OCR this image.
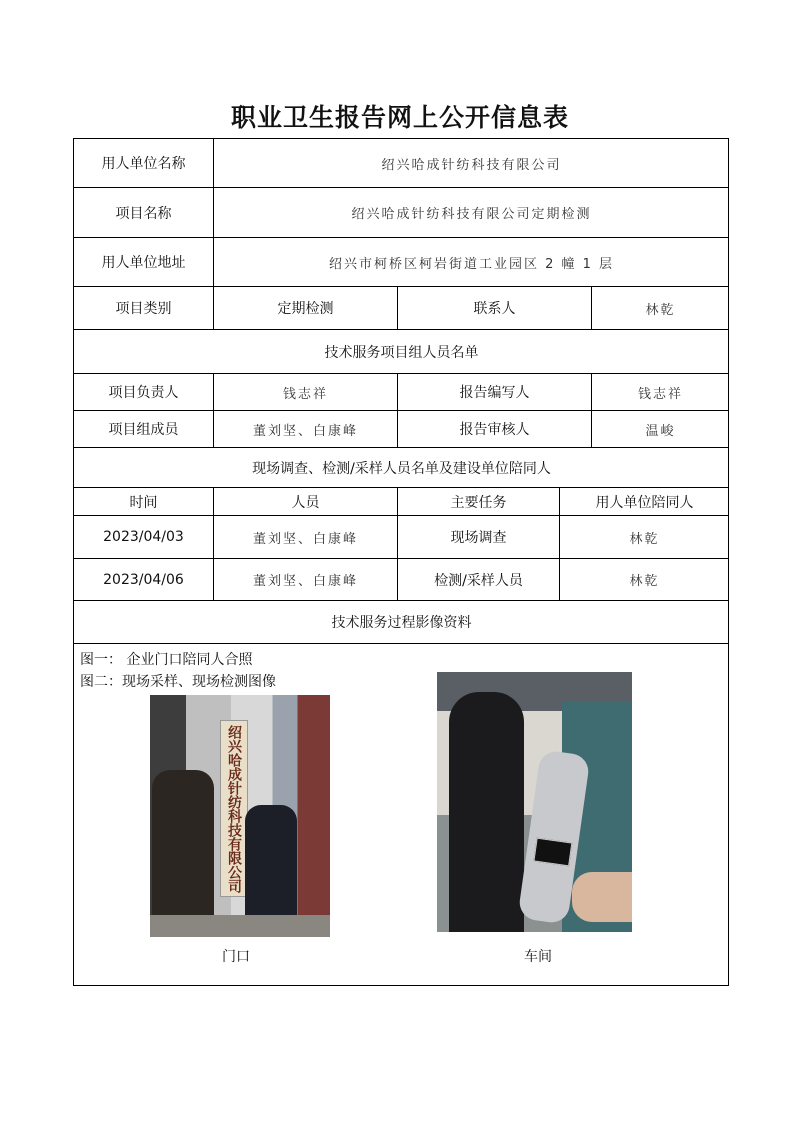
职业卫生报告网上公开信息表
用人单位名称	绍兴哈成针纺科技有限公司
项目名称	绍兴哈成针纺科技有限公司定期检测
用人单位地址	绍兴市柯桥区柯岩街道工业园区 2 幢 1 层
项目类别	定期检测	联系人	林乾
技术服务项目组人员名单
项目负责人	钱志祥	报告编写人	钱志祥
项目组成员	董刘坚、白康峰	报告审核人	温峻
现场调查、检测/采样人员名单及建设单位陪同人
时间	人员	主要任务	用人单位陪同人
2023/04/03	董刘坚、白康峰	现场调查	林乾
2023/04/06	董刘坚、白康峰	检测/采样人员	林乾
技术服务过程影像资料
图一： 企业门口陪同人合照
图二：现场采样、现场检测图像
绍兴哈成针纺科技有限公司
门口	车间
